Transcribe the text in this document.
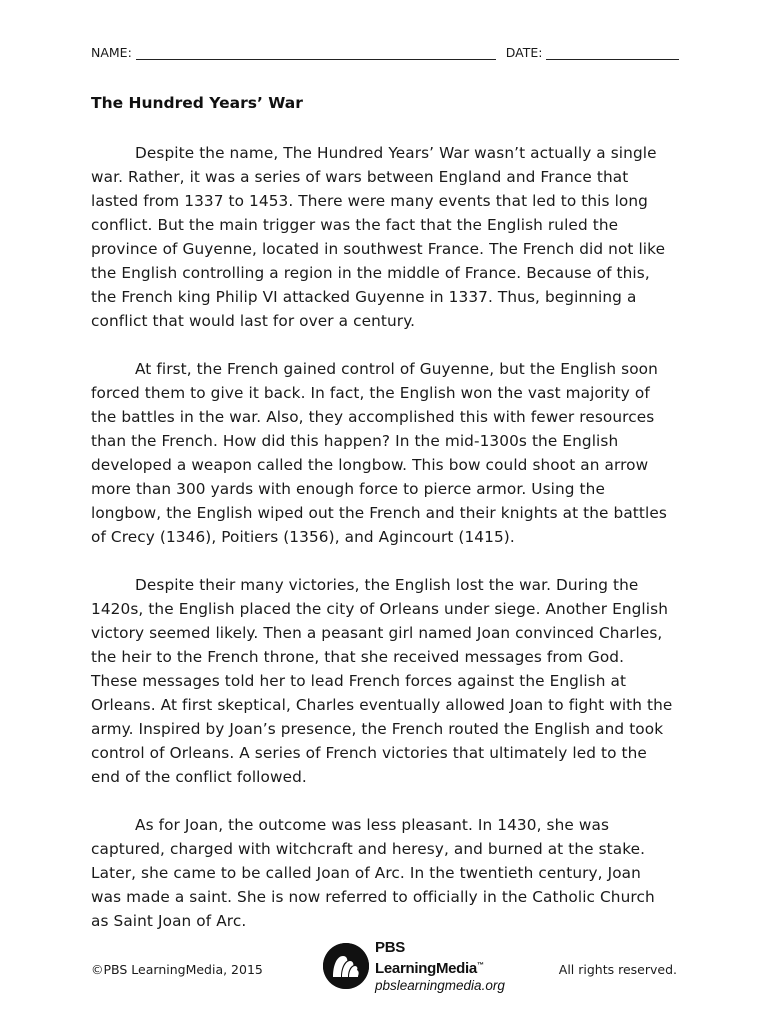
NAME:	DATE:
The Hundred Years’ War

Despite the name, The Hundred Years’ War wasn’t actually a single war. Rather, it was a series of wars between England and France that lasted from 1337 to 1453. There were many events that led to this long conflict. But the main trigger was the fact that the English ruled the province of Guyenne, located in southwest France. The French did not like the English controlling a region in the middle of France. Because of this, the French king Philip VI attacked Guyenne in 1337. Thus, beginning a conflict that would last for over a century.

At first, the French gained control of Guyenne, but the English soon forced them to give it back. In fact, the English won the vast majority of the battles in the war. Also, they accomplished this with fewer resources than the French. How did this happen? In the mid-1300s the English developed a weapon called the longbow. This bow could shoot an arrow more than 300 yards with enough force to pierce armor. Using the longbow, the English wiped out the French and their knights at the battles of Crecy (1346), Poitiers (1356), and Agincourt (1415).

Despite their many victories, the English lost the war. During the 1420s, the English placed the city of Orleans under siege. Another English victory seemed likely. Then a peasant girl named Joan convinced Charles, the heir to the French throne, that she received messages from God. These messages told her to lead French forces against the English at Orleans. At first skeptical, Charles eventually allowed Joan to fight with the army. Inspired by Joan’s presence, the French routed the English and took control of Orleans. A series of French victories that ultimately led to the end of the conflict followed.

As for Joan, the outcome was less pleasant. In 1430, she was captured, charged with witchcraft and heresy, and burned at the stake. Later, she came to be called Joan of Arc. In the twentieth century, Joan was made a saint. She is now referred to officially in the Catholic Church as Saint Joan of Arc.

©PBS LearningMedia, 2015
PBS LearningMedia™
pbslearningmedia.org
All rights reserved.
